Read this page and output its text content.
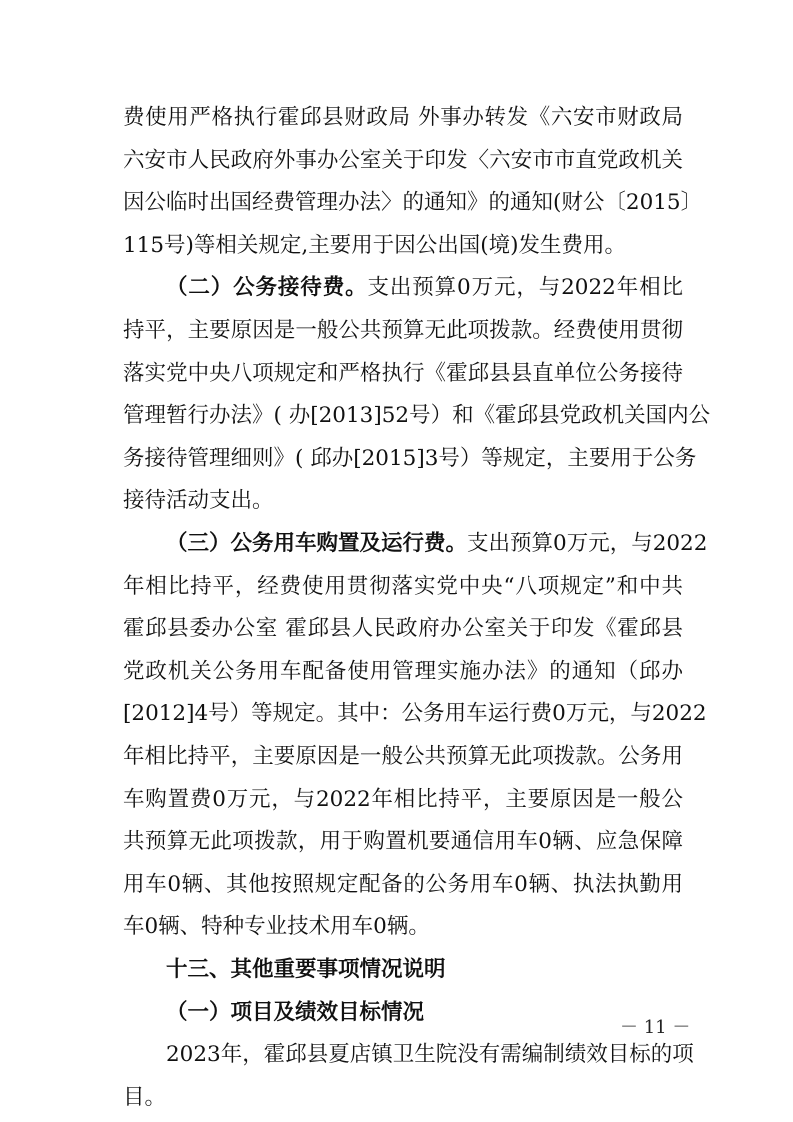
费使用严格执行霍邱县财政局 外事办转发《六安市财政局
六安市人民政府外事办公室关于印发〈六安市市直党政机关
因公临时出国经费管理办法〉的通知》的通知(财公〔2015〕
115号)等相关规定,主要用于因公出国(境)发生费用。
（二）公务接待费。支出预算0万元，与2022年相比
持平，主要原因是一般公共预算无此项拨款。经费使用贯彻
落实党中央八项规定和严格执行《霍邱县县直单位公务接待
管理暂行办法》( 办[2013]52号）和《霍邱县党政机关国内公
务接待管理细则》( 邱办[2015]3号）等规定，主要用于公务
接待活动支出。
（三）公务用车购置及运行费。支出预算0万元，与2022
年相比持平，经费使用贯彻落实党中央“八项规定”和中共
霍邱县委办公室 霍邱县人民政府办公室关于印发《霍邱县
党政机关公务用车配备使用管理实施办法》的通知（邱办
[2012]4号）等规定。其中：公务用车运行费0万元，与2022
年相比持平，主要原因是一般公共预算无此项拨款。公务用
车购置费0万元，与2022年相比持平，主要原因是一般公
共预算无此项拨款，用于购置机要通信用车0辆、应急保障
用车0辆、其他按照规定配备的公务用车0辆、执法执勤用
车0辆、特种专业技术用车0辆。
十三、其他重要事项情况说明
（一）项目及绩效目标情况
2023年，霍邱县夏店镇卫生院没有需编制绩效目标的项
目。
－ 11 －
